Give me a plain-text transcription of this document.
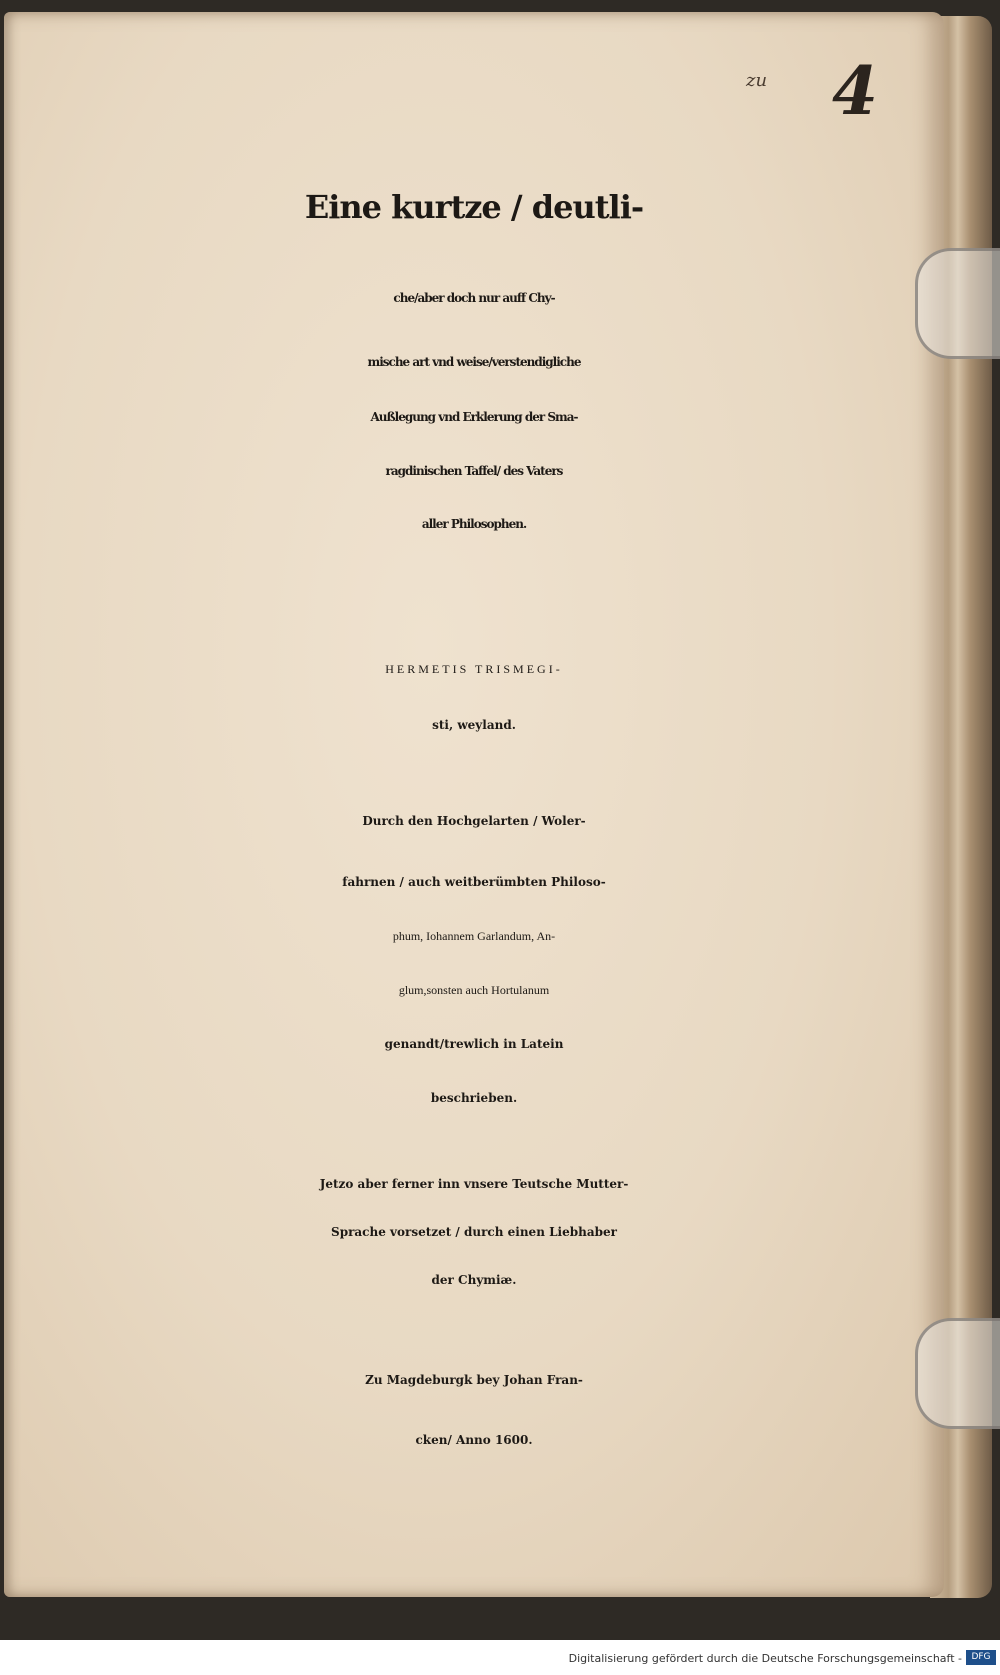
zu 4
Eine kurtze / deutli-
che/aber doch nur auff Chy-
mische art vnd weise/verstendigliche
Außlegung vnd Erklerung der Sma-
ragdinischen Taffel/ des Vaters
aller Philosophen.
HERMETIS TRISMEGI-
sti, weyland.
Durch den Hochgelarten / Woler-
fahrnen / auch weitberümbten Philoso-
phum, Iohannem Garlandum, An-
glum,sonsten auch Hortulanum
genandt/trewlich in Latein
beschrieben.
Jetzo aber ferner inn vnsere Teutsche Mutter-
Sprache vorsetzet / durch einen Liebhaber
der Chymiæ.
Zu Magdeburgk bey Johan Fran-
cken/ Anno 1600.
Digitalisierung gefördert durch die Deutsche Forschungsgemeinschaft -	DFG
